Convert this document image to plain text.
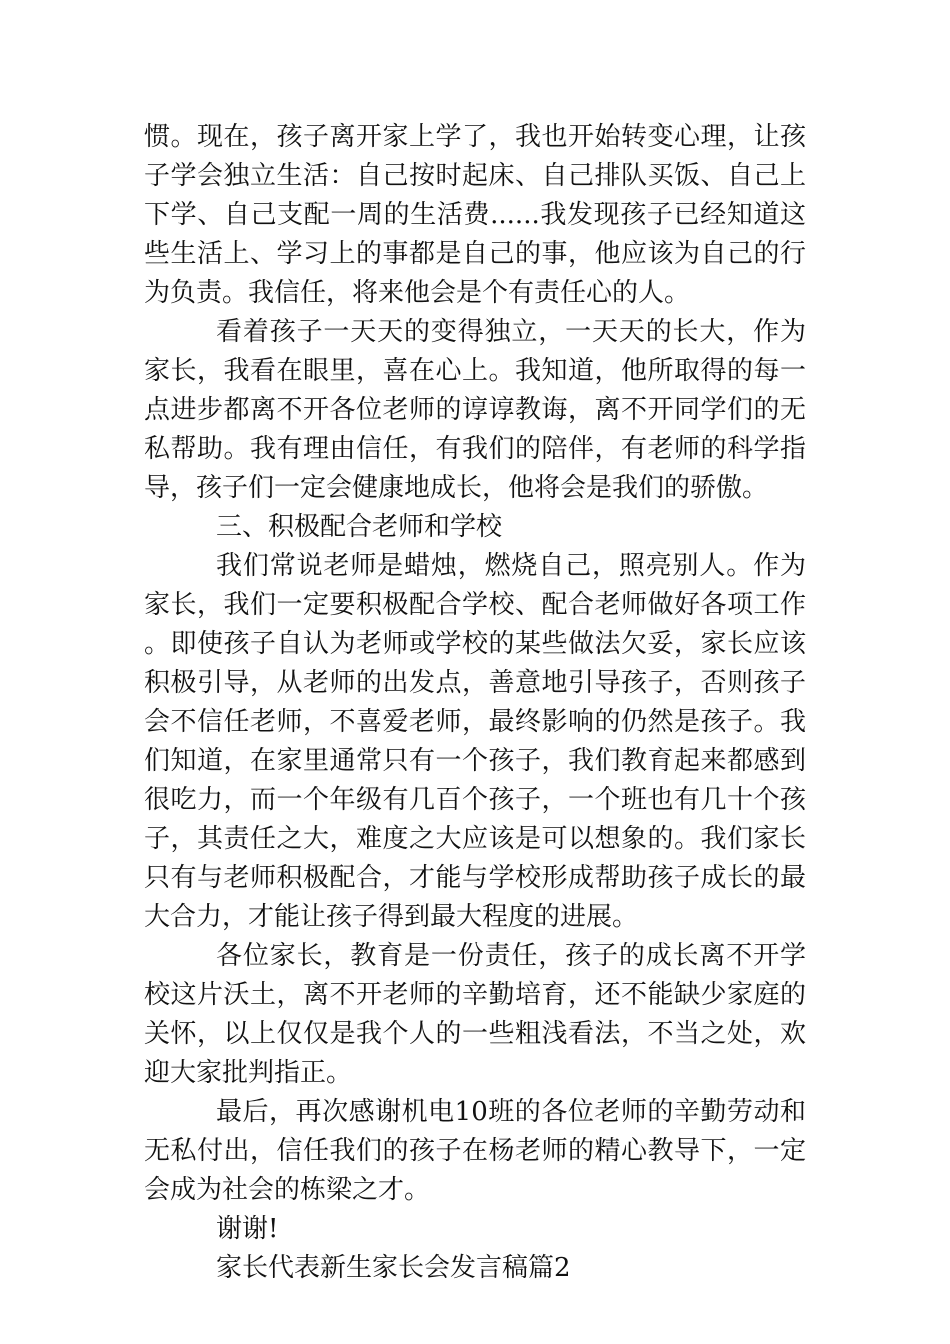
惯。现在，孩子离开家上学了，我也开始转变心理，让孩子学会独立生活：自己按时起床、自己排队买饭、自己上下学、自己支配一周的生活费......我发现孩子已经知道这些生活上、学习上的事都是自己的事，他应该为自己的行为负责。我信任，将来他会是个有责任心的人。

看着孩子一天天的变得独立，一天天的长大，作为家长，我看在眼里，喜在心上。我知道，他所取得的每一点进步都离不开各位老师的谆谆教诲，离不开同学们的无私帮助。我有理由信任，有我们的陪伴，有老师的科学指导，孩子们一定会健康地成长，他将会是我们的骄傲。

三、积极配合老师和学校

我们常说老师是蜡烛，燃烧自己，照亮别人。作为家长，我们一定要积极配合学校、配合老师做好各项工作。即使孩子自认为老师或学校的某些做法欠妥，家长应该积极引导，从老师的出发点，善意地引导孩子，否则孩子会不信任老师，不喜爱老师，最终影响的仍然是孩子。我们知道，在家里通常只有一个孩子，我们教育起来都感到很吃力，而一个年级有几百个孩子，一个班也有几十个孩子，其责任之大，难度之大应该是可以想象的。我们家长只有与老师积极配合，才能与学校形成帮助孩子成长的最大合力，才能让孩子得到最大程度的进展。

各位家长，教育是一份责任，孩子的成长离不开学校这片沃土，离不开老师的辛勤培育，还不能缺少家庭的关怀，以上仅仅是我个人的一些粗浅看法，不当之处，欢迎大家批判指正。

最后，再次感谢机电10班的各位老师的辛勤劳动和无私付出，信任我们的孩子在杨老师的精心教导下，一定会成为社会的栋梁之才。

谢谢!

家长代表新生家长会发言稿篇2
